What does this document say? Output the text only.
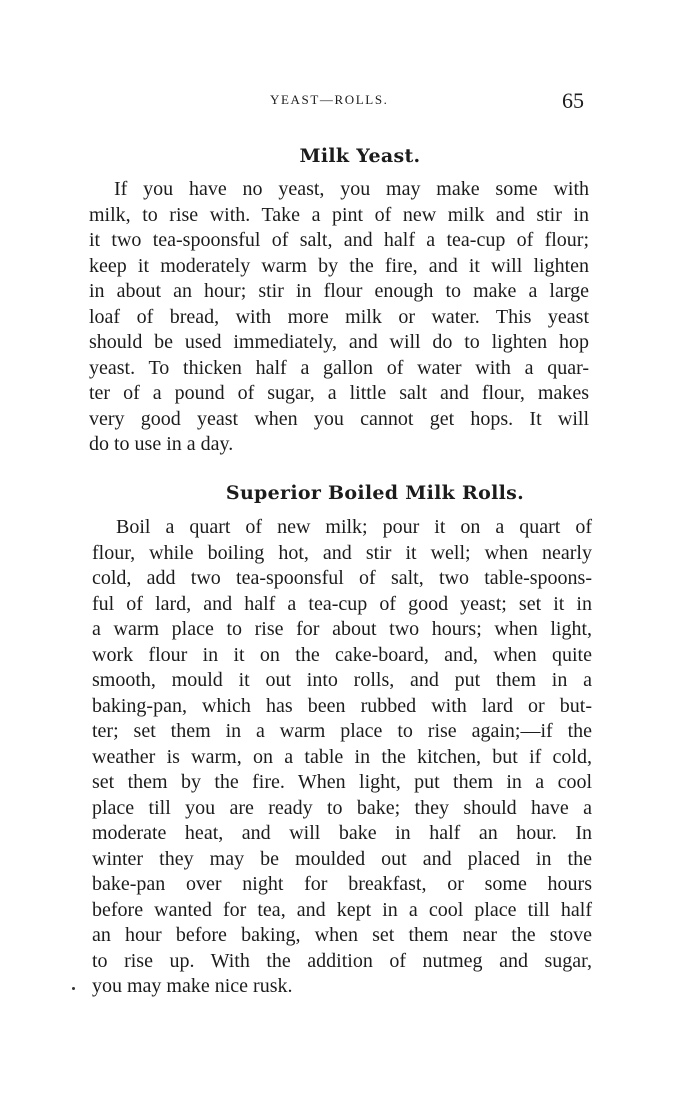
YEAST—ROLLS.	65
Milk Yeast.
If you have no yeast, you may make some with
milk, to rise with. Take a pint of new milk and stir in
it two tea-spoonsful of salt, and half a tea-cup of flour;
keep it moderately warm by the fire, and it will lighten
in about an hour; stir in flour enough to make a large
loaf of bread, with more milk or water. This yeast
should be used immediately, and will do to lighten hop
yeast. To thicken half a gallon of water with a quar-
ter of a pound of sugar, a little salt and flour, makes
very good yeast when you cannot get hops. It will
do to use in a day.
Superior Boiled Milk Rolls.
Boil a quart of new milk; pour it on a quart of
flour, while boiling hot, and stir it well; when nearly
cold, add two tea-spoonsful of salt, two table-spoons-
ful of lard, and half a tea-cup of good yeast; set it in
a warm place to rise for about two hours; when light,
work flour in it on the cake-board, and, when quite
smooth, mould it out into rolls, and put them in a
baking-pan, which has been rubbed with lard or but-
ter; set them in a warm place to rise again;—if the
weather is warm, on a table in the kitchen, but if cold,
set them by the fire. When light, put them in a cool
place till you are ready to bake; they should have a
moderate heat, and will bake in half an hour. In
winter they may be moulded out and placed in the
bake-pan over night for breakfast, or some hours
before wanted for tea, and kept in a cool place till half
an hour before baking, when set them near the stove
to rise up. With the addition of nutmeg and sugar,
you may make nice rusk.
